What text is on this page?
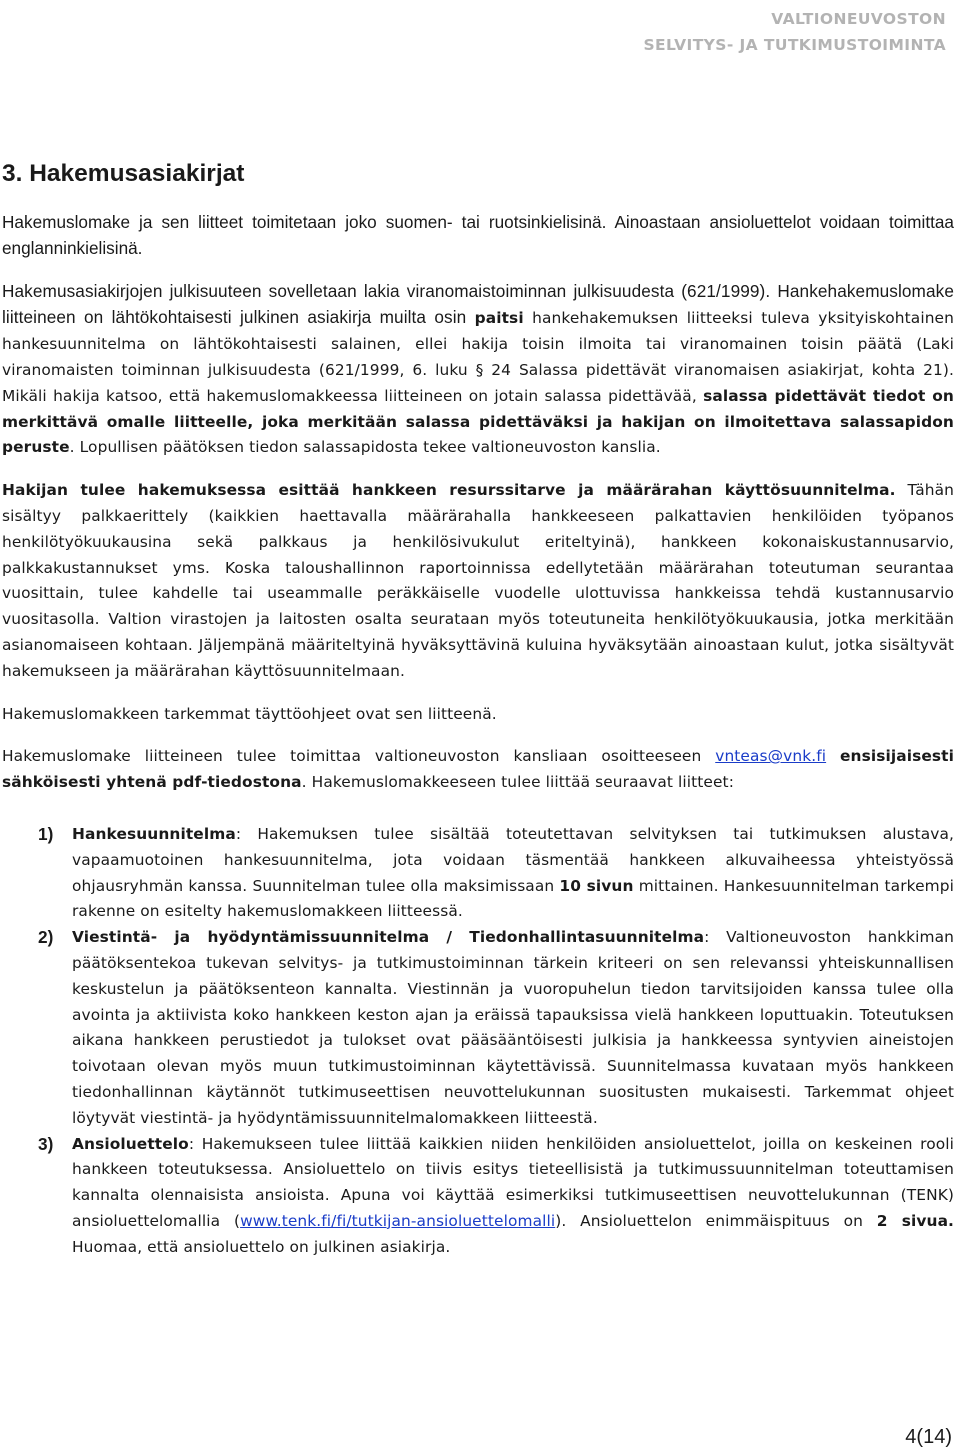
VALTIONEUVOSTON
SELVITYS- JA TUTKIMUSTOIMINTA
3. Hakemusasiakirjat

Hakemuslomake ja sen liitteet toimitetaan joko suomen- tai ruotsinkielisinä. Ainoastaan ansioluettelot voidaan toimittaa englanninkielisinä.

Hakemusasiakirjojen julkisuuteen sovelletaan lakia viranomaistoiminnan julkisuudesta (621/1999). Hankehakemuslomake liitteineen on lähtökohtaisesti julkinen asiakirja muilta osin paitsi hankehakemuksen liitteeksi tuleva yksityiskohtainen hankesuunnitelma on lähtökohtaisesti salainen, ellei hakija toisin ilmoita tai viranomainen toisin päätä (Laki viranomaisten toiminnan julkisuudesta (621/1999, 6. luku § 24 Salassa pidettävät viranomaisen asiakirjat, kohta 21). Mikäli hakija katsoo, että hakemuslomakkeessa liitteineen on jotain salassa pidettävää, salassa pidettävät tiedot on merkittävä omalle liitteelle, joka merkitään salassa pidettäväksi ja hakijan on ilmoitettava salassapidon peruste. Lopullisen päätöksen tiedon salassapidosta tekee valtioneuvoston kanslia.

Hakijan tulee hakemuksessa esittää hankkeen resurssitarve ja määrärahan käyttösuunnitelma. Tähän sisältyy palkkaerittely (kaikkien haettavalla määrärahalla hankkeeseen palkattavien henkilöiden työpanos henkilötyökuukausina sekä palkkaus ja henkilösivukulut eriteltyinä), hankkeen kokonaiskustannusarvio, palkkakustannukset yms. Koska taloushallinnon raportoinnissa edellytetään määrärahan toteutuman seurantaa vuosittain, tulee kahdelle tai useammalle peräkkäiselle vuodelle ulottuvissa hankkeissa tehdä kustannusarvio vuositasolla. Valtion virastojen ja laitosten osalta seurataan myös toteutuneita henkilötyökuukausia, jotka merkitään asianomaiseen kohtaan. Jäljempänä määriteltyinä hyväksyttävinä kuluina hyväksytään ainoastaan kulut, jotka sisältyvät hakemukseen ja määrärahan käyttösuunnitelmaan.

Hakemuslomakkeen tarkemmat täyttöohjeet ovat sen liitteenä.

Hakemuslomake liitteineen tulee toimittaa valtioneuvoston kansliaan osoitteeseen vnteas@vnk.fi ensisijaisesti sähköisesti yhtenä pdf-tiedostona. Hakemuslomakkeeseen tulee liittää seuraavat liitteet:

1) Hankesuunnitelma: Hakemuksen tulee sisältää toteutettavan selvityksen tai tutkimuksen alustava, vapaamuotoinen hankesuunnitelma, jota voidaan täsmentää hankkeen alkuvaiheessa yhteistyössä ohjausryhmän kanssa. Suunnitelman tulee olla maksimissaan 10 sivun mittainen. Hankesuunnitelman tarkempi rakenne on esitelty hakemuslomakkeen liitteessä.
2) Viestintä- ja hyödyntämissuunnitelma / Tiedonhallintasuunnitelma: Valtioneuvoston hankkiman päätöksentekoa tukevan selvitys- ja tutkimustoiminnan tärkein kriteeri on sen relevanssi yhteiskunnallisen keskustelun ja päätöksenteon kannalta. Viestinnän ja vuoropuhelun tiedon tarvitsijoiden kanssa tulee olla avointa ja aktiivista koko hankkeen keston ajan ja eräissä tapauksissa vielä hankkeen loputtuakin. Toteutuksen aikana hankkeen perustiedot ja tulokset ovat pääsääntöisesti julkisia ja hankkeessa syntyvien aineistojen toivotaan olevan myös muun tutkimustoiminnan käytettävissä. Suunnitelmassa kuvataan myös hankkeen tiedonhallinnan käytännöt tutkimuseettisen neuvottelukunnan suositusten mukaisesti. Tarkemmat ohjeet löytyvät viestintä- ja hyödyntämissuunnitelmalomakkeen liitteestä.
3) Ansioluettelo: Hakemukseen tulee liittää kaikkien niiden henkilöiden ansioluettelot, joilla on keskeinen rooli hankkeen toteutuksessa. Ansioluettelo on tiivis esitys tieteellisistä ja tutkimussuunnitelman toteuttamisen kannalta olennaisista ansioista. Apuna voi käyttää esimerkiksi tutkimuseettisen neuvottelukunnan (TENK) ansioluettelomallia (www.tenk.fi/fi/tutkijan-ansioluettelomalli). Ansioluettelon enimmäispituus on 2 sivua. Huomaa, että ansioluettelo on julkinen asiakirja.
4(14)
